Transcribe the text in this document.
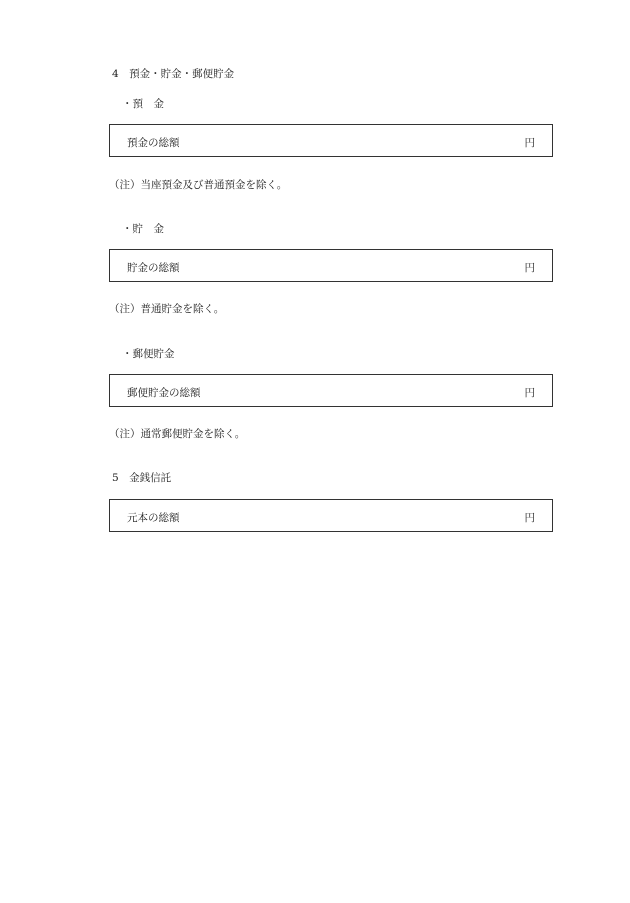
4　預金・貯金・郵便貯金
・預　金
預金の総額	円
（注）当座預金及び普通預金を除く。
・貯　金
貯金の総額	円
（注）普通貯金を除く。
・郵便貯金
郵便貯金の総額	円
（注）通常郵便貯金を除く。
5　金銭信託
元本の総額	円
